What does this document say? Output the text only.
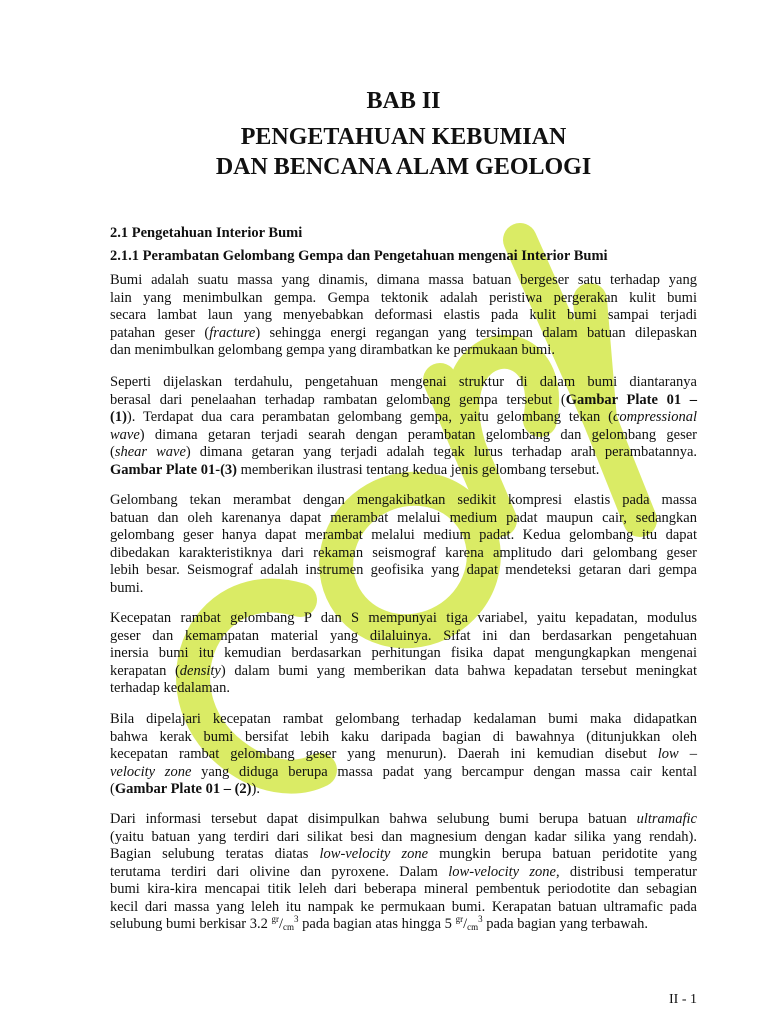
BAB II
PENGETAHUAN KEBUMIAN
DAN BENCANA ALAM GEOLOGI
2.1 Pengetahuan Interior Bumi
2.1.1 Perambatan Gelombang Gempa dan Pengetahuan mengenai Interior Bumi
Bumi adalah suatu massa yang dinamis, dimana massa batuan bergeser satu terhadap yang
lain yang menimbulkan gempa. Gempa tektonik adalah peristiwa pergerakan kulit bumi
secara lambat laun yang menyebabkan deformasi elastis pada kulit bumi sampai terjadi
patahan geser (fracture) sehingga energi regangan yang tersimpan dalam batuan dilepaskan
dan menimbulkan gelombang gempa yang dirambatkan ke permukaan bumi.
Seperti dijelaskan terdahulu, pengetahuan mengenai struktur di dalam bumi diantaranya
berasal dari penelaahan terhadap rambatan gelombang gempa tersebut (Gambar Plate 01 –
(1)). Terdapat dua cara perambatan gelombang gempa, yaitu gelombang tekan (compressional
wave) dimana getaran terjadi searah dengan perambatan gelombang dan gelombang geser
(shear wave) dimana getaran yang terjadi adalah tegak lurus terhadap arah perambatannya.
Gambar Plate 01-(3) memberikan ilustrasi tentang kedua jenis gelombang tersebut.
Gelombang tekan merambat dengan mengakibatkan sedikit kompresi elastis pada massa
batuan dan oleh karenanya dapat merambat melalui medium padat maupun cair, sedangkan
gelombang geser hanya dapat merambat melalui medium padat. Kedua gelombang itu dapat
dibedakan karakteristiknya dari rekaman seismograf karena amplitudo dari gelombang geser
lebih besar. Seismograf adalah instrumen geofisika yang dapat mendeteksi getaran dari gempa
bumi.
Kecepatan rambat gelombang P dan S mempunyai tiga variabel, yaitu kepadatan, modulus
geser dan kemampatan material yang dilaluinya. Sifat ini dan berdasarkan pengetahuan
inersia bumi itu kemudian berdasarkan perhitungan fisika dapat mengungkapkan mengenai
kerapatan (density) dalam bumi yang memberikan data bahwa kepadatan tersebut meningkat
terhadap kedalaman.
Bila dipelajari kecepatan rambat gelombang terhadap kedalaman bumi maka didapatkan
bahwa kerak bumi bersifat lebih kaku daripada bagian di bawahnya (ditunjukkan oleh
kecepatan rambat gelombang geser yang menurun). Daerah ini kemudian disebut low –
velocity zone yang diduga berupa massa padat yang bercampur dengan massa cair kental
(Gambar Plate 01 – (2)).
Dari informasi tersebut dapat disimpulkan bahwa selubung bumi berupa batuan ultramafic
(yaitu batuan yang terdiri dari silikat besi dan magnesium dengan kadar silika yang rendah).
Bagian selubung teratas diatas low-velocity zone mungkin berupa batuan peridotite yang
terutama terdiri dari olivine dan pyroxene. Dalam low-velocity zone, distribusi temperatur
bumi kira-kira mencapai titik leleh dari beberapa mineral pembentuk periodotite dan sebagian
kecil dari massa yang leleh itu nampak ke permukaan bumi. Kerapatan batuan ultramafic pada
selubung bumi berkisar 3.2 $^{gr}/_{cm}^3$ pada bagian atas hingga 5 $^{gr}/_{cm}^3$ pada bagian yang terbawah.
II - 1
